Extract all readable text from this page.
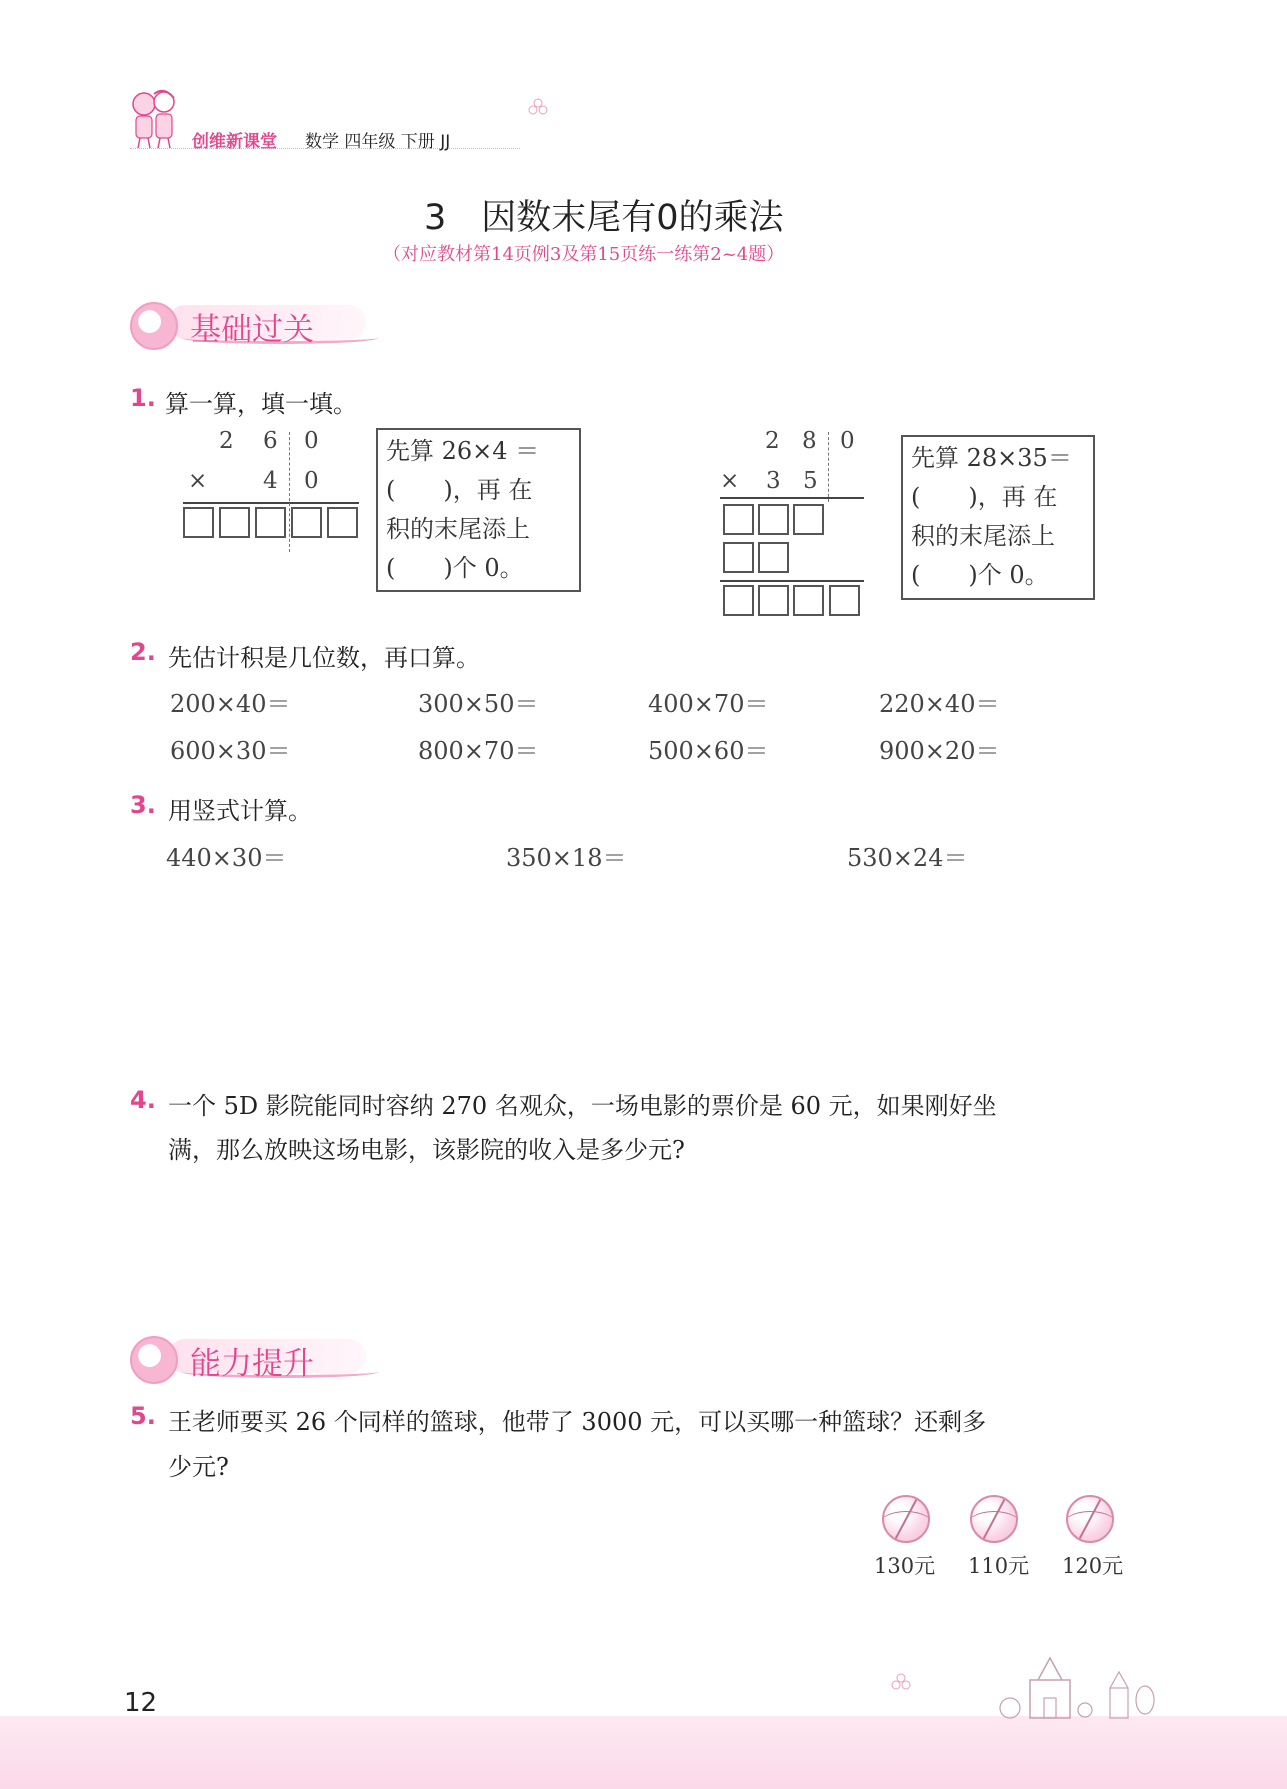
创维新课堂 数学 四年级 下册 JJ
3　因数末尾有0的乘法
（对应教材第14页例3及第15页练一练第2~4题）
基础过关
1. 算一算，填一填。
2 6 0
× 4 0
先算 26×4 ＝
(　　)，再 在
积的末尾添上
(　　)个 0。
2 8 0
× 3 5
先算 28×35＝
(　　)，再 在
积的末尾添上
(　　)个 0。
2. 先估计积是几位数，再口算。
200×40＝	300×50＝	400×70＝	220×40＝
600×30＝	800×70＝	500×60＝	900×20＝
3. 用竖式计算。
440×30＝	350×18＝	530×24＝
4. 一个 5D 影院能同时容纳 270 名观众，一场电影的票价是 60 元，如果刚好坐
满，那么放映这场电影，该影院的收入是多少元?
能力提升
5. 王老师要买 26 个同样的篮球，他带了 3000 元，可以买哪一种篮球？还剩多
少元?
130元 110元 120元
12
